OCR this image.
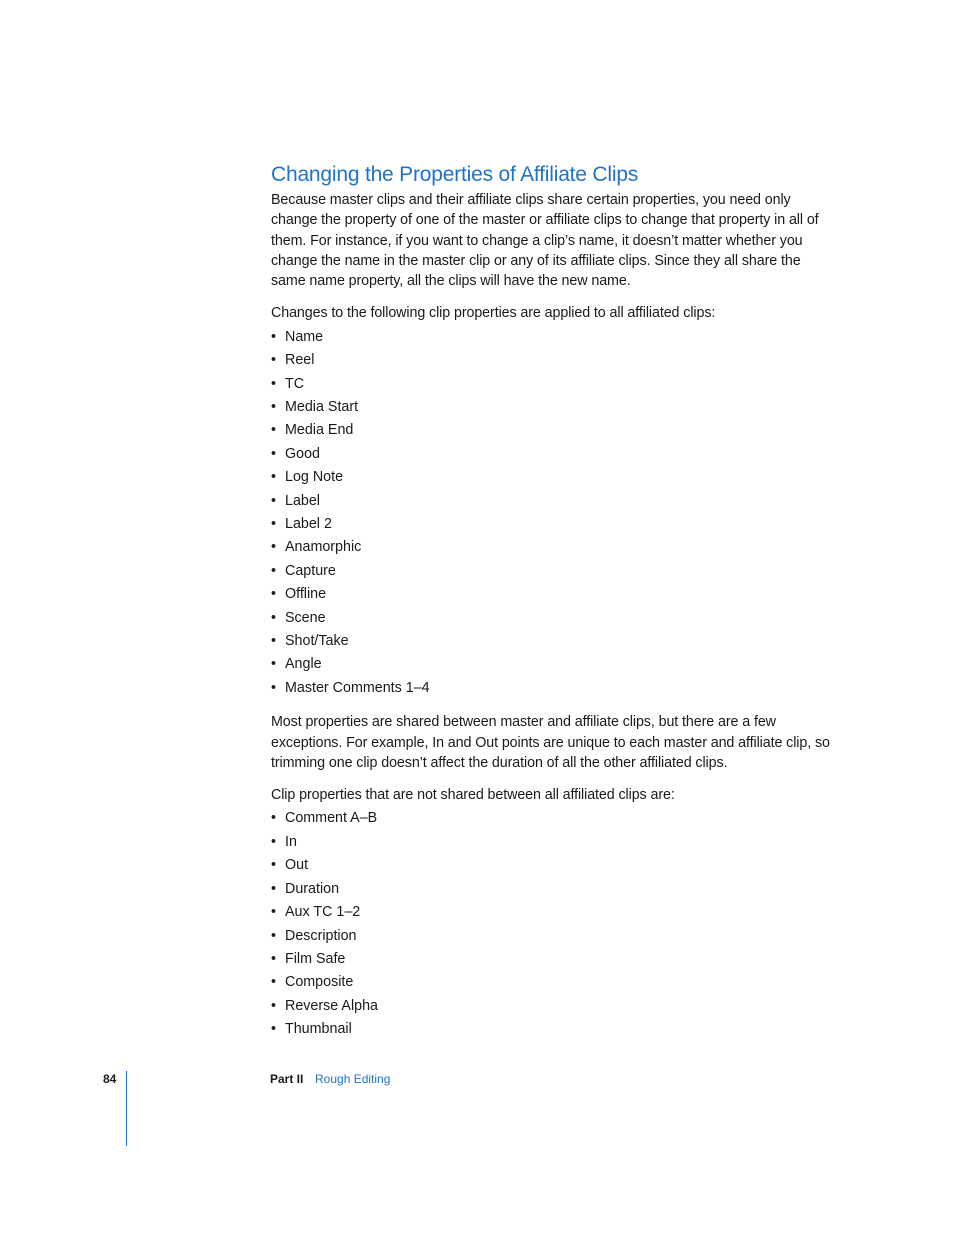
Changing the Properties of Affiliate Clips

Because master clips and their affiliate clips share certain properties, you need only change the property of one of the master or affiliate clips to change that property in all of them. For instance, if you want to change a clip’s name, it doesn’t matter whether you change the name in the master clip or any of its affiliate clips. Since they all share the same name property, all the clips will have the new name.

Changes to the following clip properties are applied to all affiliated clips:

• Name
• Reel
• TC
• Media Start
• Media End
• Good
• Log Note
• Label
• Label 2
• Anamorphic
• Capture
• Offline
• Scene
• Shot/Take
• Angle
• Master Comments 1–4

Most properties are shared between master and affiliate clips, but there are a few exceptions. For example, In and Out points are unique to each master and affiliate clip, so trimming one clip doesn’t affect the duration of all the other affiliated clips.

Clip properties that are not shared between all affiliated clips are:

• Comment A–B
• In
• Out
• Duration
• Aux TC 1–2
• Description
• Film Safe
• Composite
• Reverse Alpha
• Thumbnail
84	Part II Rough Editing
